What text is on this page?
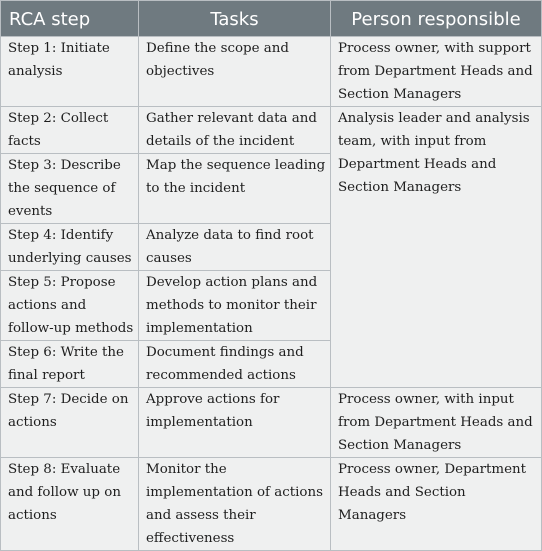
RCA step	Tasks	Person responsible
Step 1: Initiate analysis	Define the scope and objectives	Process owner, with support from Department Heads and Section Managers
Step 2: Collect facts	Gather relevant data and details of the incident	Analysis leader and analysis team, with input from Department Heads and Section Managers
Step 3: Describe the sequence of events	Map the sequence leading to the incident	
Step 4: Identify underlying causes	Analyze data to find root causes	
Step 5: Propose actions and follow-up methods	Develop action plans and methods to monitor their implementation	
Step 6: Write the final report	Document findings and recommended actions	
Step 7: Decide on actions	Approve actions for implementation	Process owner, with input from Department Heads and Section Managers
Step 8: Evaluate and follow up on actions	Monitor the implementation of actions and assess their effectiveness	Process owner, Department Heads and Section Managers
